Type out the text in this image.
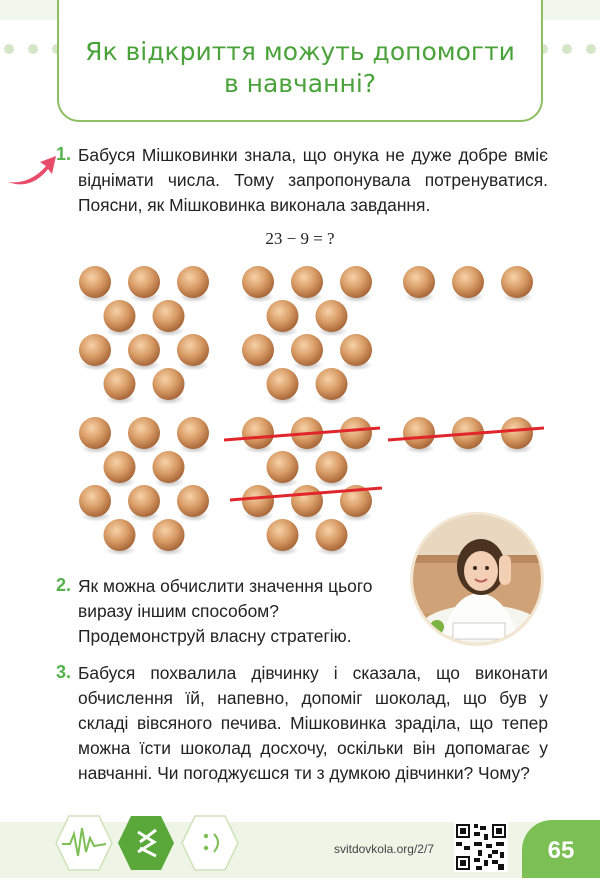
Як відкриття можуть допомогти
в навчанні?
1. Бабуся Мішковинки знала, що онука не дуже добре вміє віднімати числа. Тому запропонувала потренуватися. Поясни, як Мішковинка виконала завдання.
23 − 9 = ?
2. Як можна обчислити значення цього виразу іншим способом? Продемонструй власну стратегію.
3. Бабуся похвалила дівчинку і сказала, що виконати обчислення їй, напевно, допоміг шоколад, що був у складі вівсяного печива. Мішковинка зраділа, що тепер можна їсти шоколад досхочу, оскільки він допомагає у навчанні. Чи погоджуєшся ти з думкою дівчинки? Чому?
svitdovkola.org/2/7	65
